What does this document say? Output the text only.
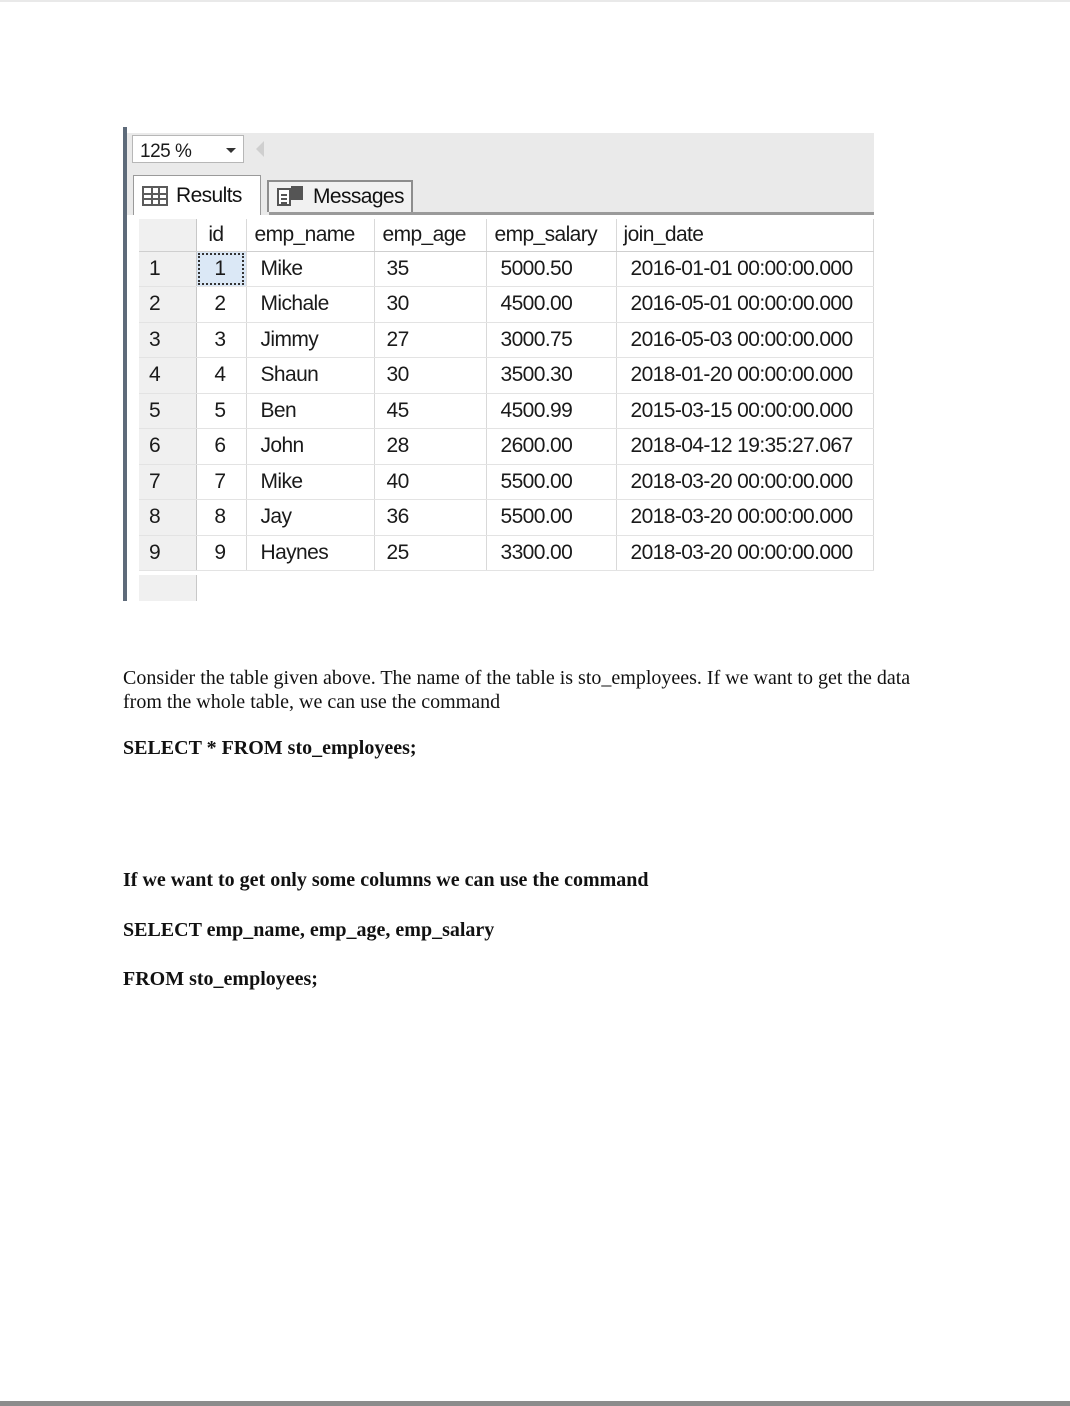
125 %
Results	Messages
	id	emp_name	emp_age	emp_salary	join_date
1	1	Mike	35	5000.50	2016-01-01 00:00:00.000
2	2	Michale	30	4500.00	2016-05-01 00:00:00.000
3	3	Jimmy	27	3000.75	2016-05-03 00:00:00.000
4	4	Shaun	30	3500.30	2018-01-20 00:00:00.000
5	5	Ben	45	4500.99	2015-03-15 00:00:00.000
6	6	John	28	2600.00	2018-04-12 19:35:27.067
7	7	Mike	40	5500.00	2018-03-20 00:00:00.000
8	8	Jay	36	5500.00	2018-03-20 00:00:00.000
9	9	Haynes	25	3300.00	2018-03-20 00:00:00.000
Consider the table given above. The name of the table is sto_employees. If we want to get the data from the whole table, we can use the command
SELECT * FROM sto_employees;
If we want to get only some columns we can use the command
SELECT emp_name, emp_age, emp_salary
FROM sto_employees;
